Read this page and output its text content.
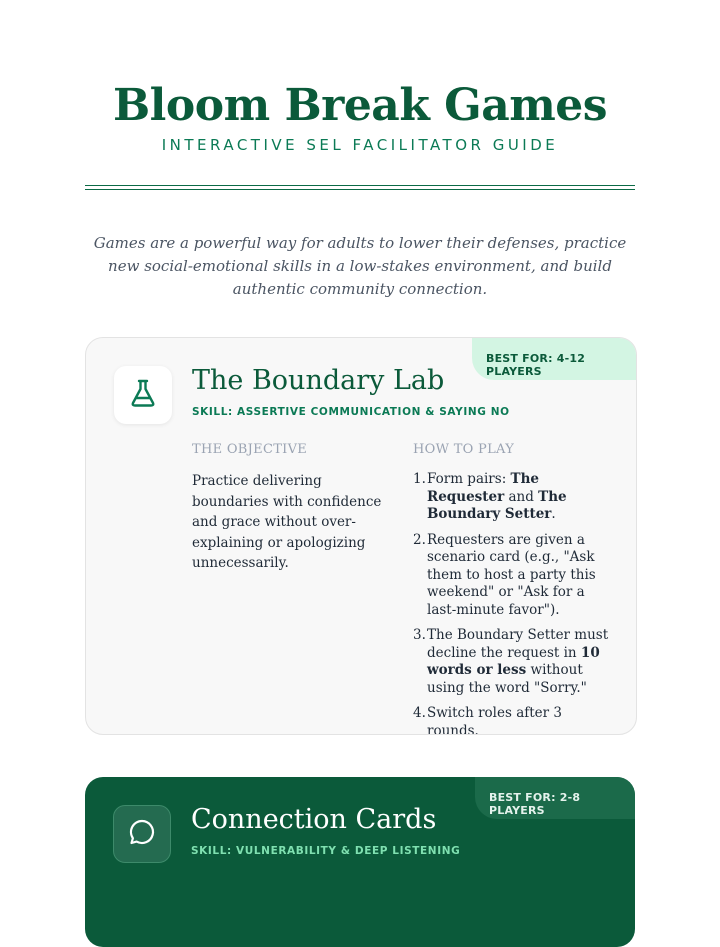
Bloom Break Games
INTERACTIVE SEL FACILITATOR GUIDE
Games are a powerful way for adults to lower their defenses, practice new social-emotional skills in a low-stakes environment, and build authentic community connection.
BEST FOR: 4-12 PLAYERS
The Boundary Lab
SKILL: ASSERTIVE COMMUNICATION & SAYING NO
THE OBJECTIVE	HOW TO PLAY
Practice delivering boundaries with confidence and grace without over-explaining or apologizing unnecessarily.
1. Form pairs: The Requester and The Boundary Setter.
2. Requesters are given a scenario card (e.g., "Ask them to host a party this weekend" or "Ask for a last-minute favor").
3. The Boundary Setter must decline the request in 10 words or less without using the word "Sorry."
4. Switch roles after 3 rounds.
BEST FOR: 2-8 PLAYERS
Connection Cards
SKILL: VULNERABILITY & DEEP LISTENING
